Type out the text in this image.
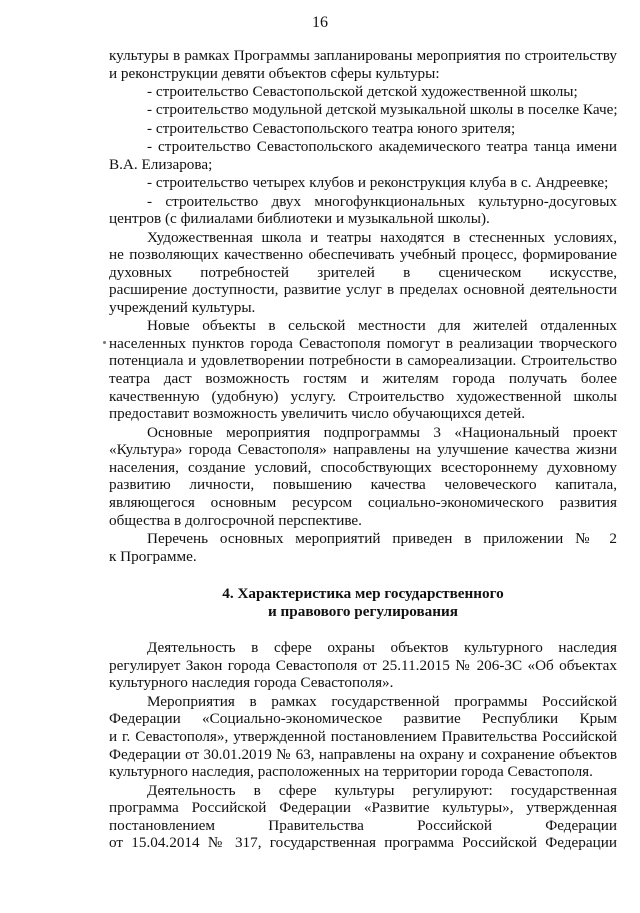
16
культуры в рамках Программы запланированы мероприятия по строительству
и реконструкции девяти объектов сферы культуры:
- строительство Севастопольской детской художественной школы;
- строительство модульной детской музыкальной школы в поселке Каче;
- строительство Севастопольского театра юного зрителя;
- строительство Севастопольского академического театра танца имени
В.А. Елизарова;
- строительство четырех клубов и реконструкция клуба в с. Андреевке;
- строительство двух многофункциональных культурно-досуговых
центров (с филиалами библиотеки и музыкальной школы).
Художественная школа и театры находятся в стесненных условиях,
не позволяющих качественно обеспечивать учебный процесс, формирование
духовных потребностей зрителей в сценическом искусстве,
расширение доступности, развитие услуг в пределах основной деятельности
учреждений культуры.
Новые объекты в сельской местности для жителей отдаленных
населенных пунктов города Севастополя помогут в реализации творческого
потенциала и удовлетворении потребности в самореализации. Строительство
театра даст возможность гостям и жителям города получать более
качественную (удобную) услугу. Строительство художественной школы
предоставит возможность увеличить число обучающихся детей.
Основные мероприятия подпрограммы 3 «Национальный проект
«Культура» города Севастополя» направлены на улучшение качества жизни
населения, создание условий, способствующих всестороннему духовному
развитию личности, повышению качества человеческого капитала,
являющегося основным ресурсом социально-экономического развития
общества в долгосрочной перспективе.
Перечень основных мероприятий приведен в приложении № 2
к Программе.
4. Характеристика мер государственного
и правового регулирования
Деятельность в сфере охраны объектов культурного наследия
регулирует Закон города Севастополя от 25.11.2015 № 206-ЗС «Об объектах
культурного наследия города Севастополя».
Мероприятия в рамках государственной программы Российской
Федерации «Социально-экономическое развитие Республики Крым
и г. Севастополя», утвержденной постановлением Правительства Российской
Федерации от 30.01.2019 № 63, направлены на охрану и сохранение объектов
культурного наследия, расположенных на территории города Севастополя.
Деятельность в сфере культуры регулируют: государственная
программа Российской Федерации «Развитие культуры», утвержденная
постановлением Правительства Российской Федерации
от 15.04.2014 № 317, государственная программа Российской Федерации
